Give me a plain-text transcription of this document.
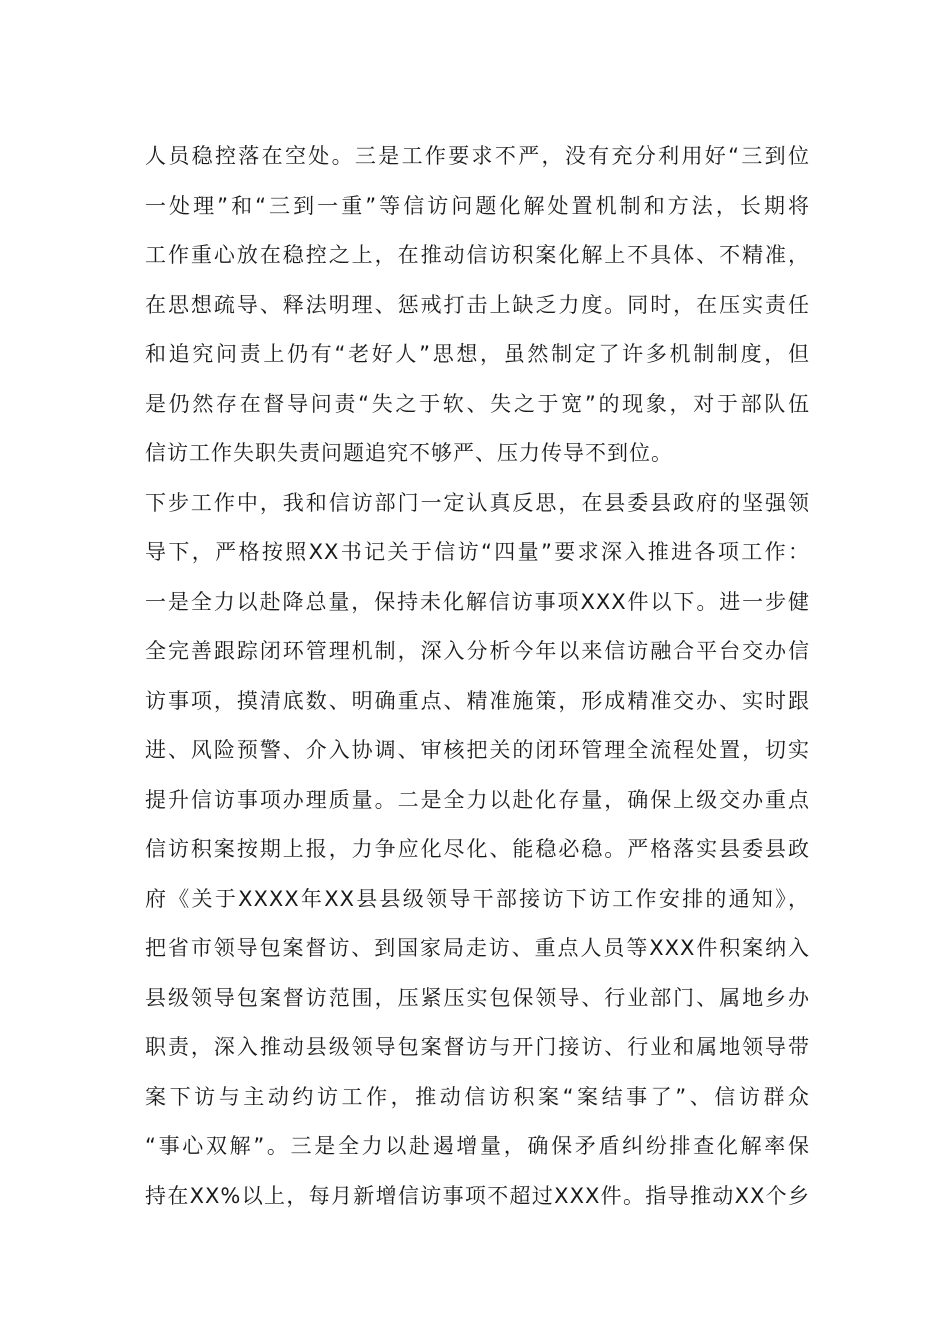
人员稳控落在空处。三是工作要求不严，没有充分利用好“三到位
一处理”和“三到一重”等信访问题化解处置机制和方法，长期将
工作重心放在稳控之上，在推动信访积案化解上不具体、不精准，
在思想疏导、释法明理、惩戒打击上缺乏力度。同时，在压实责任
和追究问责上仍有“老好人”思想，虽然制定了许多机制制度，但
是仍然存在督导问责“失之于软、失之于宽”的现象，对于部队伍
信访工作失职失责问题追究不够严、压力传导不到位。
下步工作中，我和信访部门一定认真反思，在县委县政府的坚强领
导下，严格按照XX书记关于信访“四量”要求深入推进各项工作：
一是全力以赴降总量，保持未化解信访事项XXX件以下。进一步健
全完善跟踪闭环管理机制，深入分析今年以来信访融合平台交办信
访事项，摸清底数、明确重点、精准施策，形成精准交办、实时跟
进、风险预警、介入协调、审核把关的闭环管理全流程处置，切实
提升信访事项办理质量。二是全力以赴化存量，确保上级交办重点
信访积案按期上报，力争应化尽化、能稳必稳。严格落实县委县政
府《关于XXXX年XX县县级领导干部接访下访工作安排的通知》，
把省市领导包案督访、到国家局走访、重点人员等XXX件积案纳入
县级领导包案督访范围，压紧压实包保领导、行业部门、属地乡办
职责，深入推动县级领导包案督访与开门接访、行业和属地领导带
案下访与主动约访工作，推动信访积案“案结事了”、信访群众
“事心双解”。三是全力以赴遏增量，确保矛盾纠纷排查化解率保
持在XX%以上，每月新增信访事项不超过XXX件。指导推动XX个乡
